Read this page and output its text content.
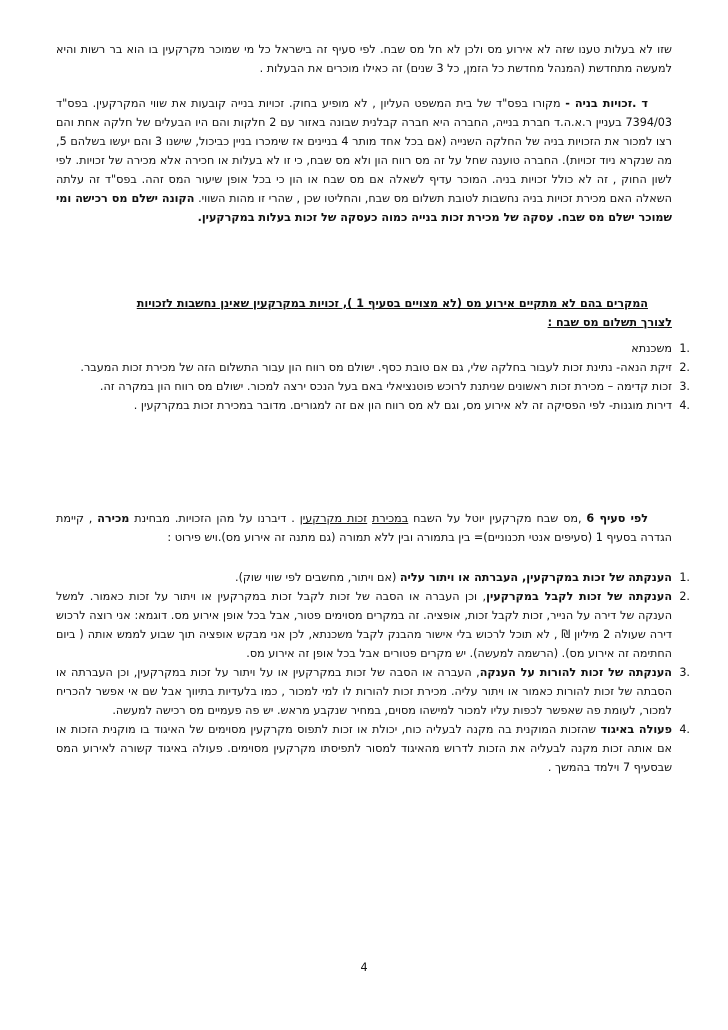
שזו לא בעלות טענו שזה לא אירוע מס ולכן לא חל מס שבח. לפי סעיף זה בישראל כל מי שמוכר מקרקעין בו הוא בר רשות והיא למעשה מתחדשת (המנהל מחדשת כל הזמן, כל 3 שנים) זה כאילו מוכרים את הבעלות .

ד .זכויות בניה - מקורו בפס"ד של בית המשפט העליון , לא מופיע בחוק. זכויות בנייה קובעות את שווי המקרקעין. בפס"ד 7394/03 בעניין ר.א.ה.ד חברת בנייה, החברה היא חברה קבלנית שבונה באזור עם 2 חלקות והם היו הבעלים של חלקה אחת והם רצו למכור את הזכויות בניה של החלקה השנייה (אם בכל אחד מותר 4 בניינים אז שימכרו בניין כביכול, שישנו 3 והם יעשו בשלהם 5, מה שנקרא ניוד זכויות). החברה טוענה שחל על זה מס רווח הון ולא מס שבח, כי זו לא בעלות או חכירה אלא מכירה של זכויות. לפי לשון החוק , זה לא כולל זכויות בניה. המוכר עדיף לשאלה אם מס שבח או הון כי בכל אופן שיעור המס זהה. בפס"ד זה עלתה השאלה האם מכירת זכויות בניה נחשבות לטובת תשלום מס שבח, והחליטו שכן , שהרי זו מהות השווי. הקונה ישלם מס רכישה ומי שמוכר ישלם מס שבח. עסקה של מכירת זכות בנייה כמוה כעסקה של זכות בעלות במקרקעין.

המקרים בהם לא מתקיים אירוע מס (לא מצויים בסעיף 1 ), זכויות במקרקעין שאינן נחשבות לזכויות

לצורך תשלום מס שבח :

1.
משכנתא
2.
זיקת הנאה- נתינת זכות לעבור בחלקה שלי, גם אם טובת כסף. ישולם מס רווח הון עבור התשלום הזה של מכירת זכות המעבר.
3.
זכות קדימה – מכירת זכות ראשונים שניתנת לרוכש פוטנציאלי באם בעל הנכס ירצה למכור. ישולם מס רווח הון במקרה זה.
4.
דירות מוגנות- לפי הפסיקה זה לא אירוע מס, וגם לא מס רווח הון אם זה למגורים. מדובר במכירת זכות במקרקעין .

לפי סעיף 6 ,מס שבח מקרקעין יוטל על השבח במכירת זכות מקרקעין . דיברנו על מהן הזכויות. מבחינת מכירה , קיימת הגדרה בסעיף 1 (סעיפים אנטי תכנוניים)= בין בתמורה ובין ללא תמורה (גם מתנה זה אירוע מס).ויש פירוט :

1.
הענקתה של זכות במקרקעין, העברתה או ויתור עליה (אם ויתור, מחשבים לפי שווי שוק).
2.
הענקתה של זכות לקבל במקרקעין, וכן העברה או הסבה של זכות לקבל זכות במקרקעין או ויתור על זכות כאמור. למשל הענקה של דירה על הנייר, זכות לקבל זכות, אופציה. זה במקרים מסוימים פטור, אבל בכל אופן אירוע מס. דוגמא: אני רוצה לרכוש דירה שעולה 2 מיליון ₪ , לא תוכל לרכוש בלי אישור מהבנק לקבל משכנתא, לכן אני מבקש אופציה תוך שבוע לממש אותה ( ביום החתימה זה אירוע מס). (הרשמה למעשה). יש מקרים פטורים אבל בכל אופן זה אירוע מס.
3.
הענקתה של זכות להורות על הענקה, העברה או הסבה של זכות במקרקעין או על ויתור על זכות במקרקעין, וכן העברתה או הסבתה של זכות להורות כאמור או ויתור עליה. מכירת זכות להורות לו למי למכור , כמו בלעדיות בתיווך אבל שם אי אפשר להכריח למכור, לעומת פה שאפשר לכפות עליו למכור למישהו מסוים, במחיר שנקבע מראש. יש פה פעמיים מס רכישה למעשה.
4.
פעולה באיגוד שהזכות המוקנית בה מקנה לבעליה כוח, יכולת או זכות לתפוס מקרקעין מסוימים של האיגוד בו מוקנית הזכות או אם אותה זכות מקנה לבעליה את הזכות לדרוש מהאיגוד למסור לתפיסתו מקרקעין מסוימים. פעולה באיגוד קשורה לאירוע המס שבסעיף 7 וילמד בהמשך .
4
